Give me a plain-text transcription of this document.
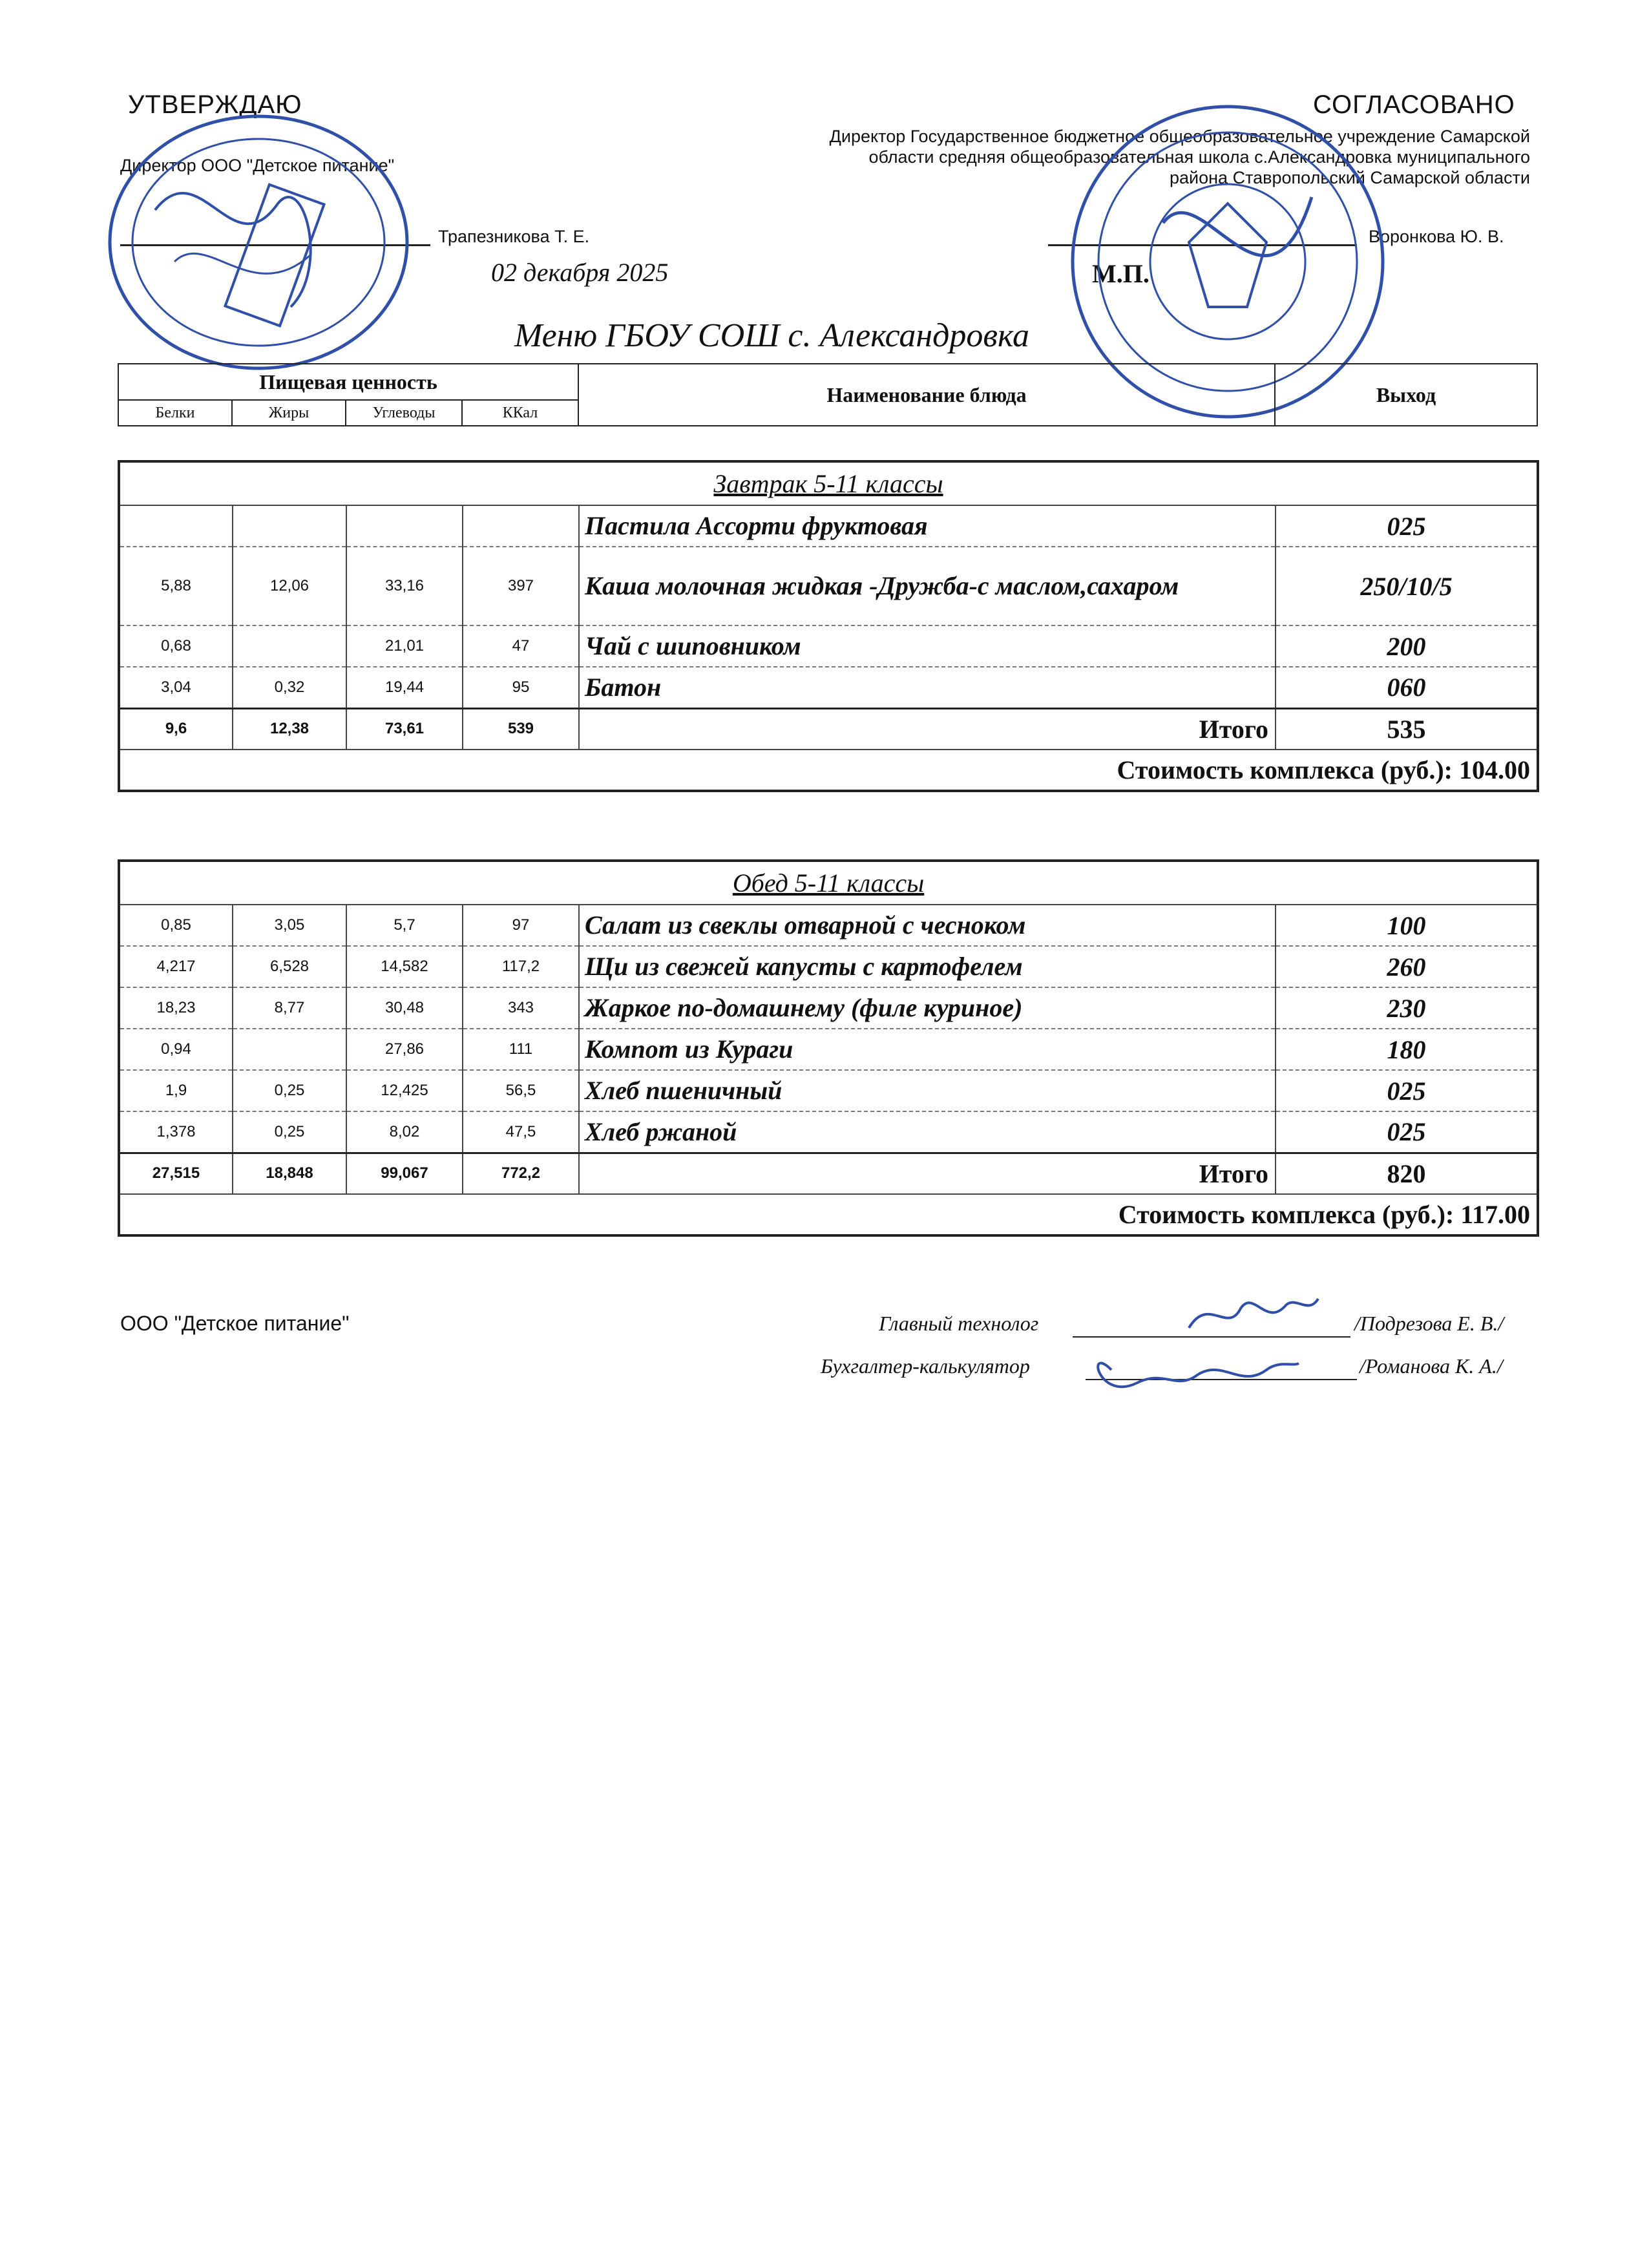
УТВЕРЖДАЮ
Директор ООО "Детское питание"
Трапезникова Т. Е.
02 декабря 2025
СОГЛАСОВАНО
Директор Государственное бюджетное общеобразовательное учреждение Самарской
области средняя общеобразовательная школа с.Александровка муниципального
района Ставропольский Самарской области
Воронкова Ю. В.
М.П.
Меню ГБОУ СОШ с. Александровка
Пищевая ценность				Наименование блюда	Выход
Белки	Жиры	Углеводы	ККал		
Завтрак 5-11 классы					
				Пастила Ассорти фруктовая	025
5,88	12,06	33,16	397	Каша молочная жидкая -Дружба-с маслом,сахаром	250/10/5
0,68		21,01	47	Чай с шиповником	200
3,04	0,32	19,44	95	Батон	060
9,6	12,38	73,61	539	Итого	535
Стоимость комплекса (руб.): 104.00					
Обед 5-11 классы					
0,85	3,05	5,7	97	Салат из свеклы отварной с чесноком	100
4,217	6,528	14,582	117,2	Щи из свежей капусты с картофелем	260
18,23	8,77	30,48	343	Жаркое по-домашнему (филе куриное)	230
0,94		27,86	111	Компот из Кураги	180
1,9	0,25	12,425	56,5	Хлеб пшеничный	025
1,378	0,25	8,02	47,5	Хлеб ржаной	025
27,515	18,848	99,067	772,2	Итого	820
Стоимость комплекса (руб.): 117.00					
ООО "Детское питание"	Главный технолог	/Подрезова Е. В./
Бухгалтер-калькулятор	/Романова К. А./
